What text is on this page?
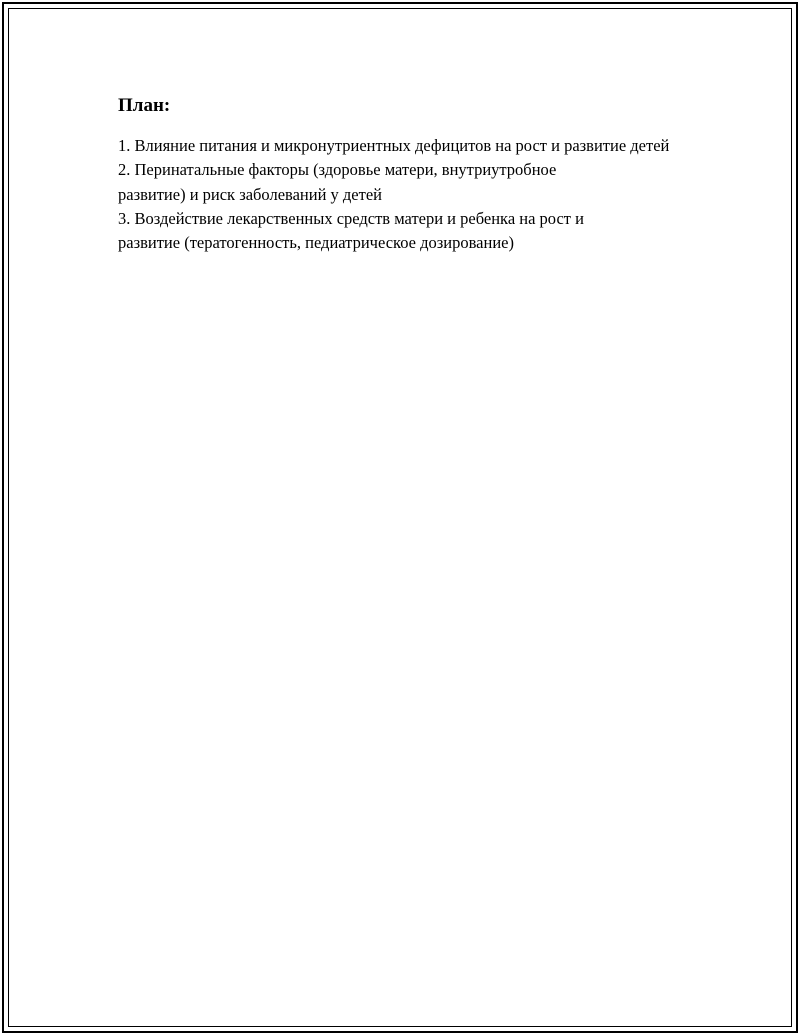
План:
1. Влияние питания и микронутриентных дефицитов на рост и развитие детей
2. Перинатальные факторы (здоровье матери, внутриутробное развитие) и риск заболеваний у детей
3. Воздействие лекарственных средств матери и ребенка на рост и развитие (тератогенность, педиатрическое дозирование)
